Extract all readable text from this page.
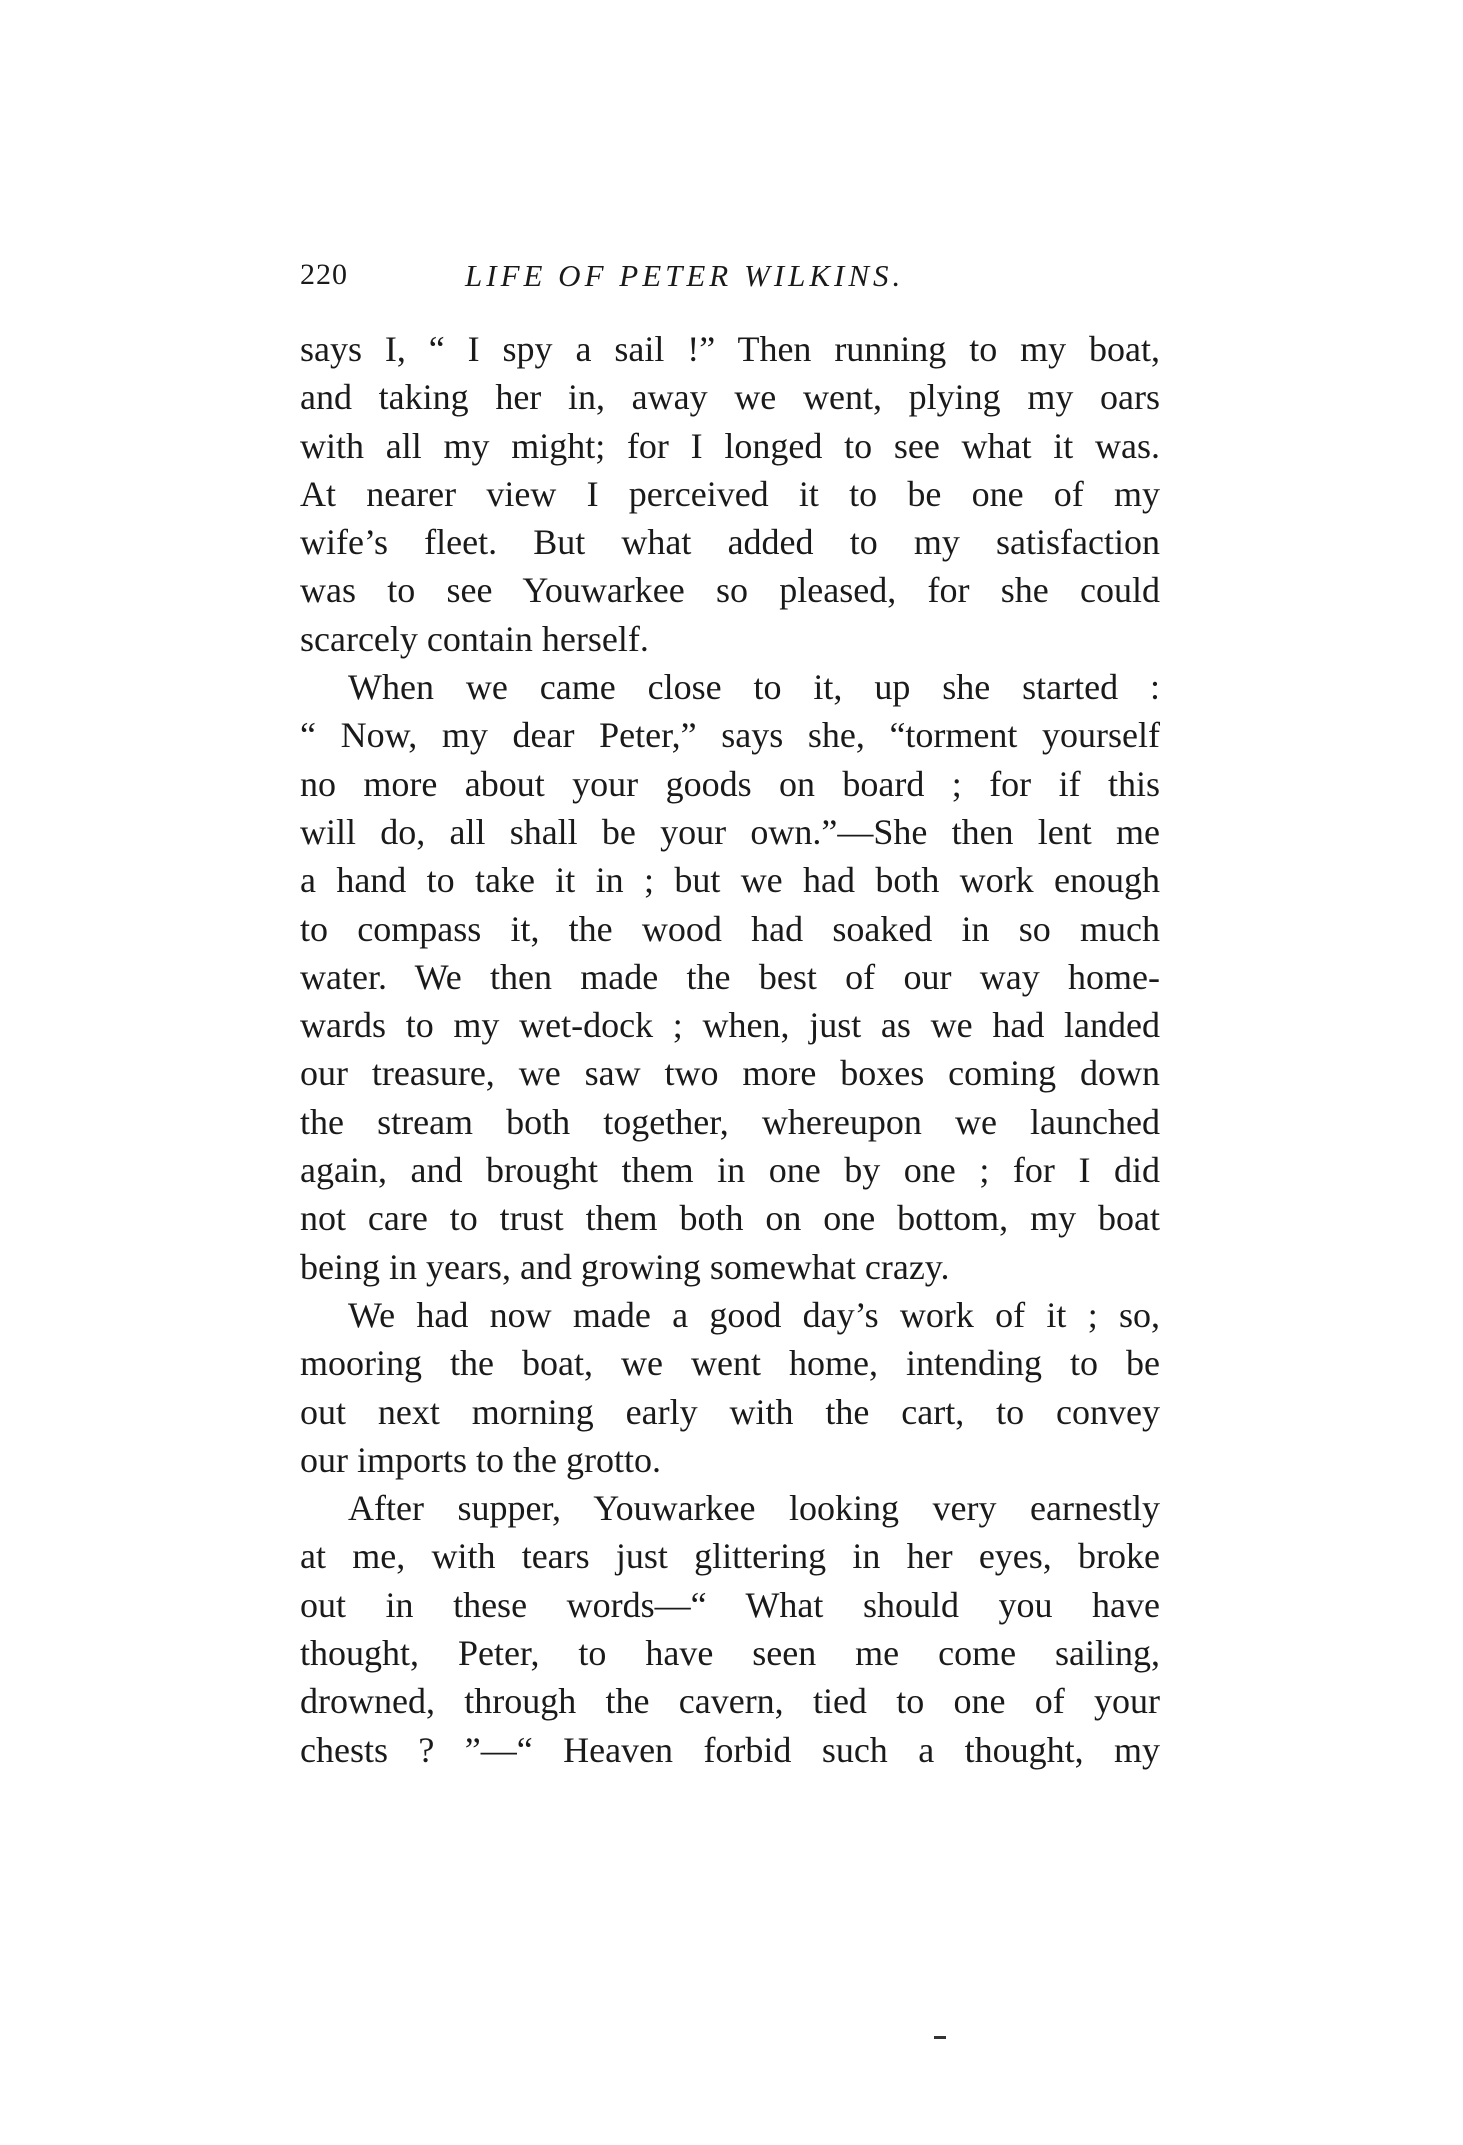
220	LIFE OF PETER WILKINS.
says I, “ I spy a sail !” Then running to my boat,
and taking her in, away we went, plying my oars
with all my might; for I longed to see what it was.
At nearer view I perceived it to be one of my
wife’s fleet. But what added to my satisfaction
was to see Youwarkee so pleased, for she could
scarcely contain herself.
When we came close to it, up she started :
“ Now, my dear Peter,” says she, “torment yourself
no more about your goods on board ; for if this
will do, all shall be your own.”—She then lent me
a hand to take it in ; but we had both work enough
to compass it, the wood had soaked in so much
water. We then made the best of our way home-
wards to my wet-dock ; when, just as we had landed
our treasure, we saw two more boxes coming down
the stream both together, whereupon we launched
again, and brought them in one by one ; for I did
not care to trust them both on one bottom, my boat
being in years, and growing somewhat crazy.
We had now made a good day’s work of it ; so,
mooring the boat, we went home, intending to be
out next morning early with the cart, to convey
our imports to the grotto.
After supper, Youwarkee looking very earnestly
at me, with tears just glittering in her eyes, broke
out in these words—“ What should you have
thought, Peter, to have seen me come sailing,
drowned, through the cavern, tied to one of your
chests ? ”—“ Heaven forbid such a thought, my
